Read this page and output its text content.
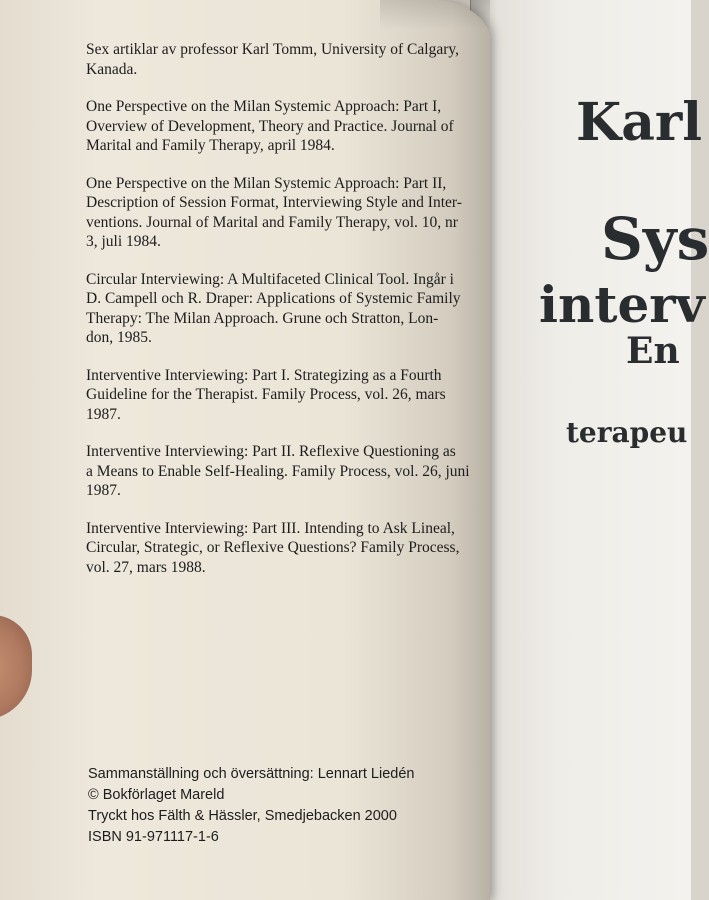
Karl
Sys
interv
En
terapeu

Sex artiklar av professor Karl Tomm, University of Calgary,
Kanada.

One Perspective on the Milan Systemic Approach: Part I,
Overview of Development, Theory and Practice. Journal of
Marital and Family Therapy, april 1984.

One Perspective on the Milan Systemic Approach: Part II,
Description of Session Format, Interviewing Style and Inter-
ventions. Journal of Marital and Family Therapy, vol. 10, nr
3, juli 1984.

Circular Interviewing: A Multifaceted Clinical Tool. Ingår i
D. Campell och R. Draper: Applications of Systemic Family
Therapy: The Milan Approach. Grune och Stratton, Lon-
don, 1985.

Interventive Interviewing: Part I. Strategizing as a Fourth
Guideline for the Therapist. Family Process, vol. 26, mars
1987.

Interventive Interviewing: Part II. Reflexive Questioning as
a Means to Enable Self-Healing. Family Process, vol. 26, juni
1987.

Interventive Interviewing: Part III. Intending to Ask Lineal,
Circular, Strategic, or Reflexive Questions? Family Process,
vol. 27, mars 1988.

Sammanställning och översättning: Lennart Liedén
© Bokförlaget Mareld
Tryckt hos Fälth & Hässler, Smedjebacken 2000
ISBN 91-971117-1-6
